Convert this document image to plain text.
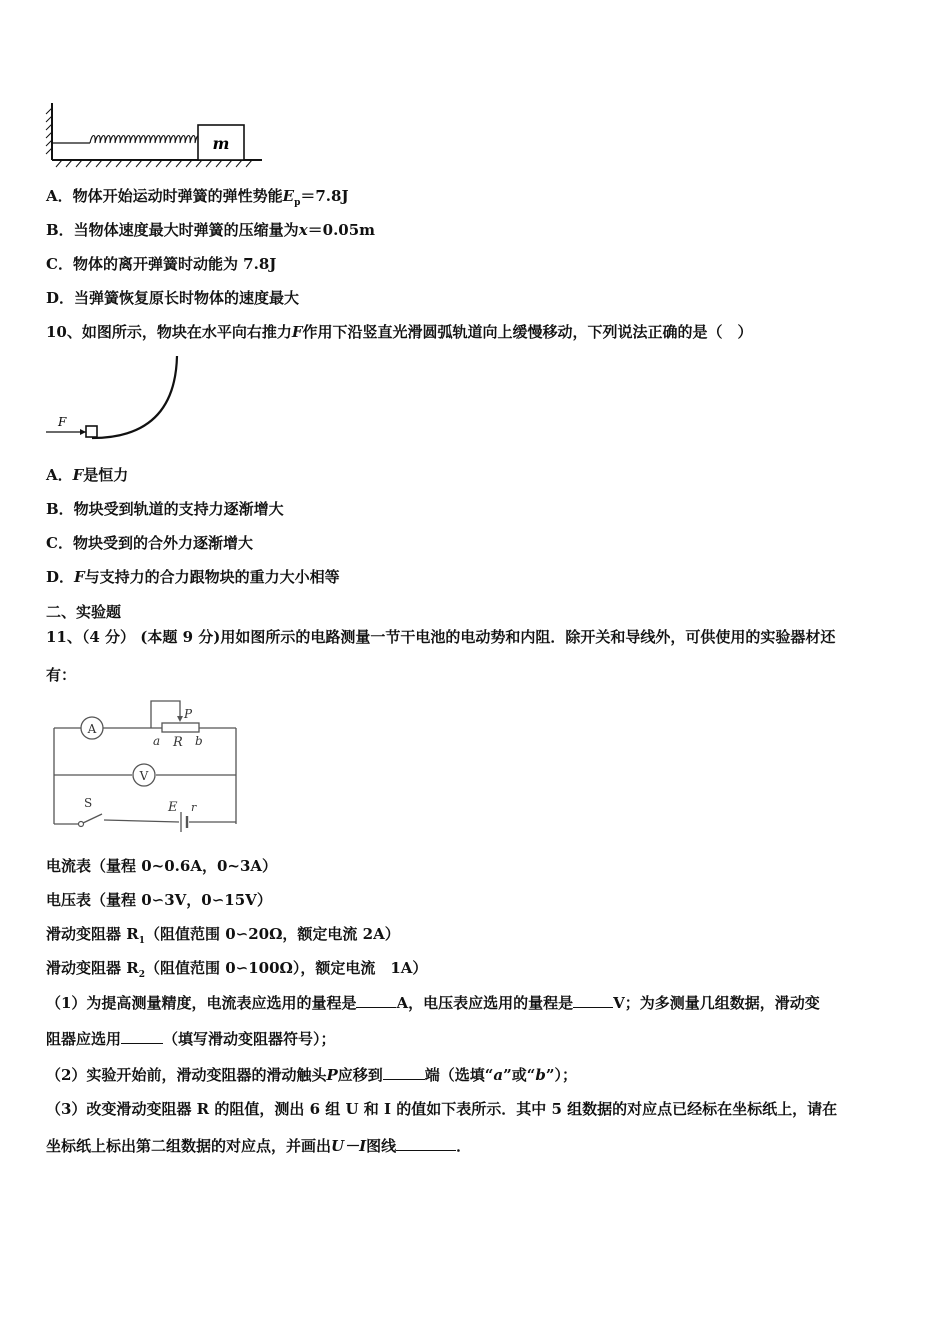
m
A．物体开始运动时弹簧的弹性势能$E_p=7.8J$
B．当物体速度最大时弹簧的压缩量为x＝0.05m
C．物体的离开弹簧时动能为 7.8J
D．当弹簧恢复原长时物体的速度最大
10、如图所示，物块在水平向右推力F作用下沿竖直光滑圆弧轨道向上缓慢移动，下列说法正确的是（　）
F
A．F是恒力
B．物块受到轨道的支持力逐渐增大
C．物块受到的合外力逐渐增大
D．F与支持力的合力跟物块的重力大小相等
二、实验题
11、（4 分） (本题 9 分)用如图所示的电路测量一节干电池的电动势和内阻．除开关和导线外，可供使用的实验器材还
有：
A
V
P
a R b
S	E r
电流表（量程 0~0.6A，0~3A）
电压表（量程 0∽3V，0∽15V）
滑动变阻器 $R_1$（阻值范围 0∽20Ω，额定电流 2A）
滑动变阻器 $R_2$（阻值范围 0∽100Ω），额定电流　1A）
（1）为提高测量精度，电流表应选用的量程是	A，电压表应选用的量程是	V；为多测量几组数据，滑动变
阻器应选用	（填写滑动变阻器符号）；
（2）实验开始前，滑动变阻器的滑动触头P应移到	端（选填“a”或“b”）；
（3）改变滑动变阻器 R 的阻值，测出 6 组 U 和 I 的值如下表所示．其中 5 组数据的对应点已经标在坐标纸上，请在
坐标纸上标出第二组数据的对应点，并画出U－I图线	．
